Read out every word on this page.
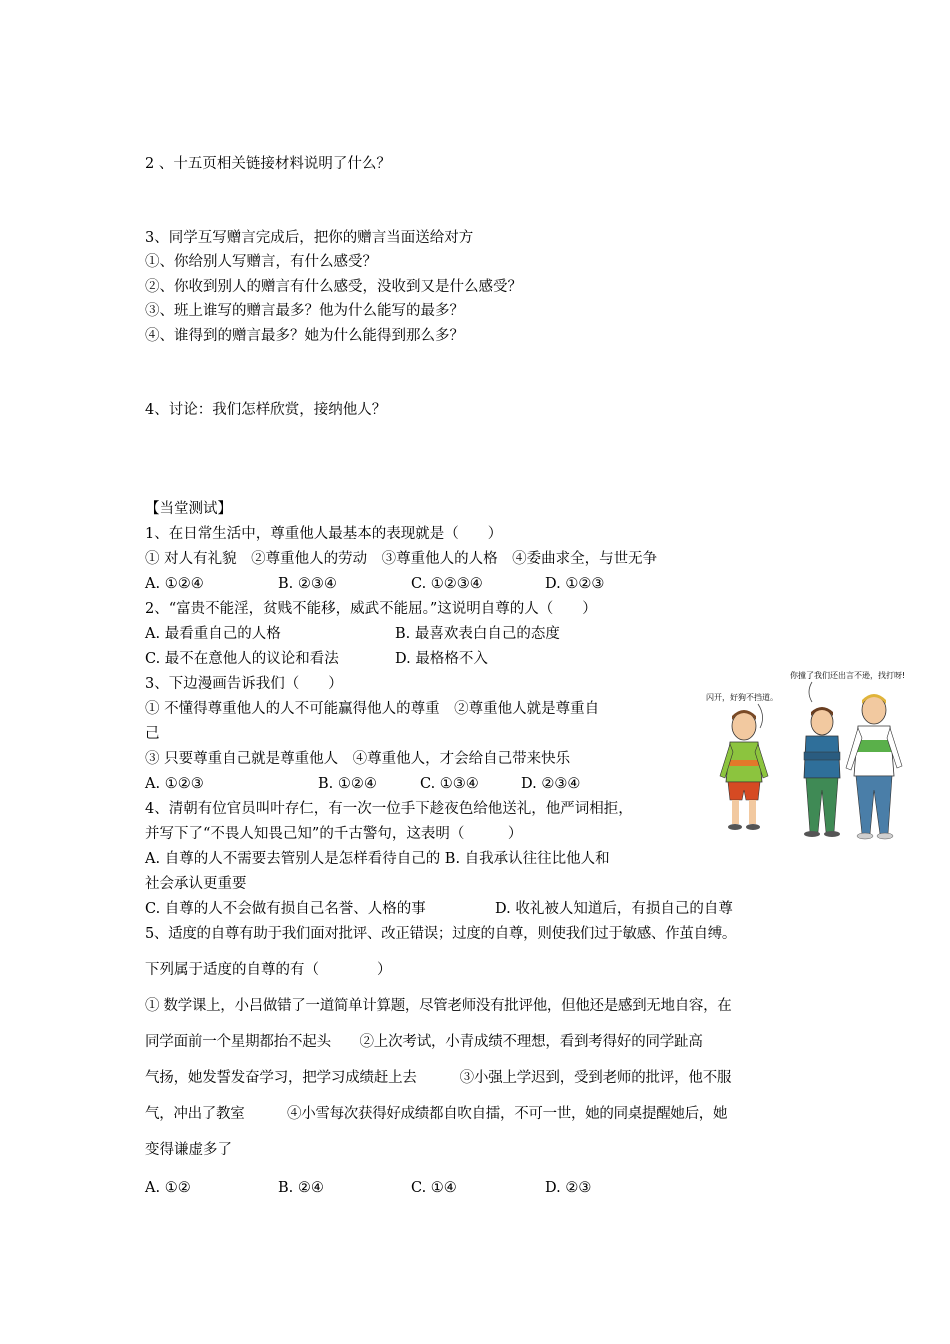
2 、十五页相关链接材料说明了什么？
3、同学互写赠言完成后，把你的赠言当面送给对方
①、你给别人写赠言，有什么感受？
②、你收到别人的赠言有什么感受，没收到又是什么感受？
③、班上谁写的赠言最多？他为什么能写的最多？
④、谁得到的赠言最多？她为什么能得到那么多？
4、讨论：我们怎样欣赏，接纳他人？
【当堂测试】
1、在日常生活中，尊重他人最基本的表现就是（　　）
① 对人有礼貌　②尊重他人的劳动　③尊重他人的人格　④委曲求全，与世无争
A. ①②④	B. ②③④	C. ①②③④	D. ①②③
2、“富贵不能淫，贫贱不能移，威武不能屈。”这说明自尊的人（　　）
A. 最看重自己的人格	B. 最喜欢表白自己的态度
C. 最不在意他人的议论和看法	D. 最格格不入
3、下边漫画告诉我们（　　）
① 不懂得尊重他人的人不可能赢得他人的尊重　②尊重他人就是尊重自
己
③ 只要尊重自己就是尊重他人　④尊重他人，才会给自己带来快乐
A. ①②③	B. ①②④	C. ①③④	D. ②③④
4、清朝有位官员叫叶存仁，有一次一位手下趁夜色给他送礼，他严词相拒，
并写下了“不畏人知畏己知”的千古警句，这表明（　　　）
A. 自尊的人不需要去管别人是怎样看待自己的 B. 自我承认往往比他人和
社会承认更重要
C. 自尊的人不会做有损自己名誉、人格的事	D. 收礼被人知道后，有损自己的自尊
5、适度的自尊有助于我们面对批评、改正错误；过度的自尊，则使我们过于敏感、作茧自缚。
下列属于适度的自尊的有（　　　　）
① 数学课上，小吕做错了一道简单计算题，尽管老师没有批评他，但他还是感到无地自容，在
同学面前一个星期都抬不起头　　②上次考试，小青成绩不理想，看到考得好的同学趾高
气扬，她发誓发奋学习，把学习成绩赶上去　　　③小强上学迟到，受到老师的批评，他不服
气，冲出了教室　　　④小雪每次获得好成绩都自吹自擂，不可一世，她的同桌提醒她后，她
变得谦虚多了
A. ①②	B. ②④	C. ①④	D. ②③
闪开，好狗不挡道。
你撞了我们还出言不逊，找打呀!
